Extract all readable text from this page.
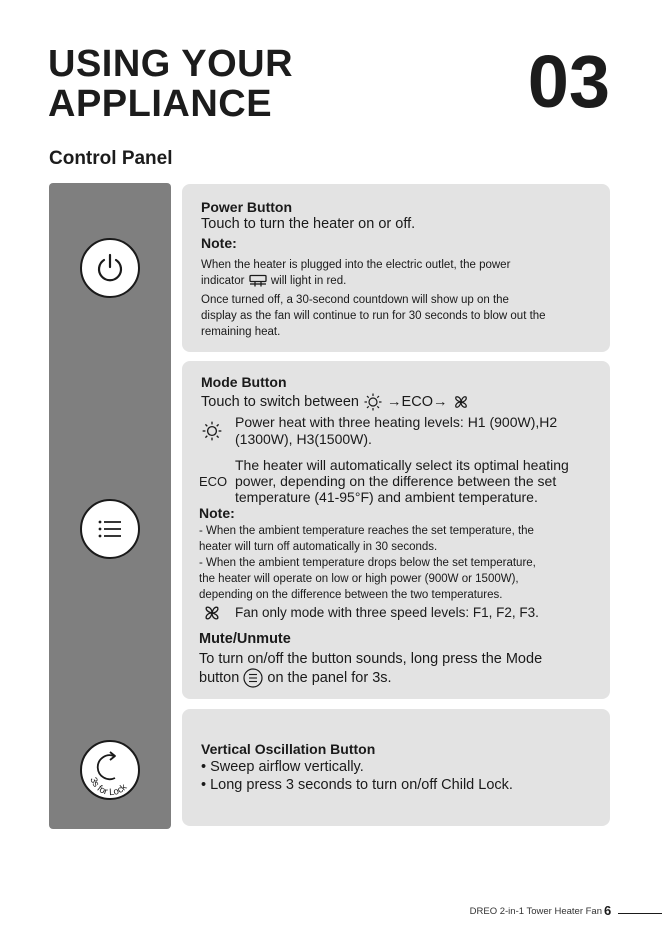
USING YOUR
APPLIANCE	03
Control Panel
3s for Lock
Power Button
Touch to turn the heater on or off.
Note:
When the heater is plugged into the electric outlet, the power
indicator will light in red.
Once turned off, a 30-second countdown will show up on the
display as the fan will continue to run for 30 seconds to blow out the
remaining heat.
Mode Button
Touch to switch between →ECO→
Power heat with three heating levels: H1 (900W),H2
(1300W), H3(1500W).
ECO
The heater will automatically select its optimal heating
power, depending on the difference between the set
temperature (41-95°F) and ambient temperature.
Note:
- When the ambient temperature reaches the set temperature, the
heater will turn off automatically in 30 seconds.
- When the ambient temperature drops below the set temperature,
the heater will operate on low or high power (900W or 1500W),
depending on the difference between the two temperatures.
Fan only mode with three speed levels: F1, F2, F3.
Mute/Unmute
To turn on/off the button sounds, long press the Mode
button on the panel for 3s.
Vertical Oscillation Button
• Sweep airflow vertically.
• Long press 3 seconds to turn on/off Child Lock.
DREO 2-in-1 Tower Heater Fan 6
